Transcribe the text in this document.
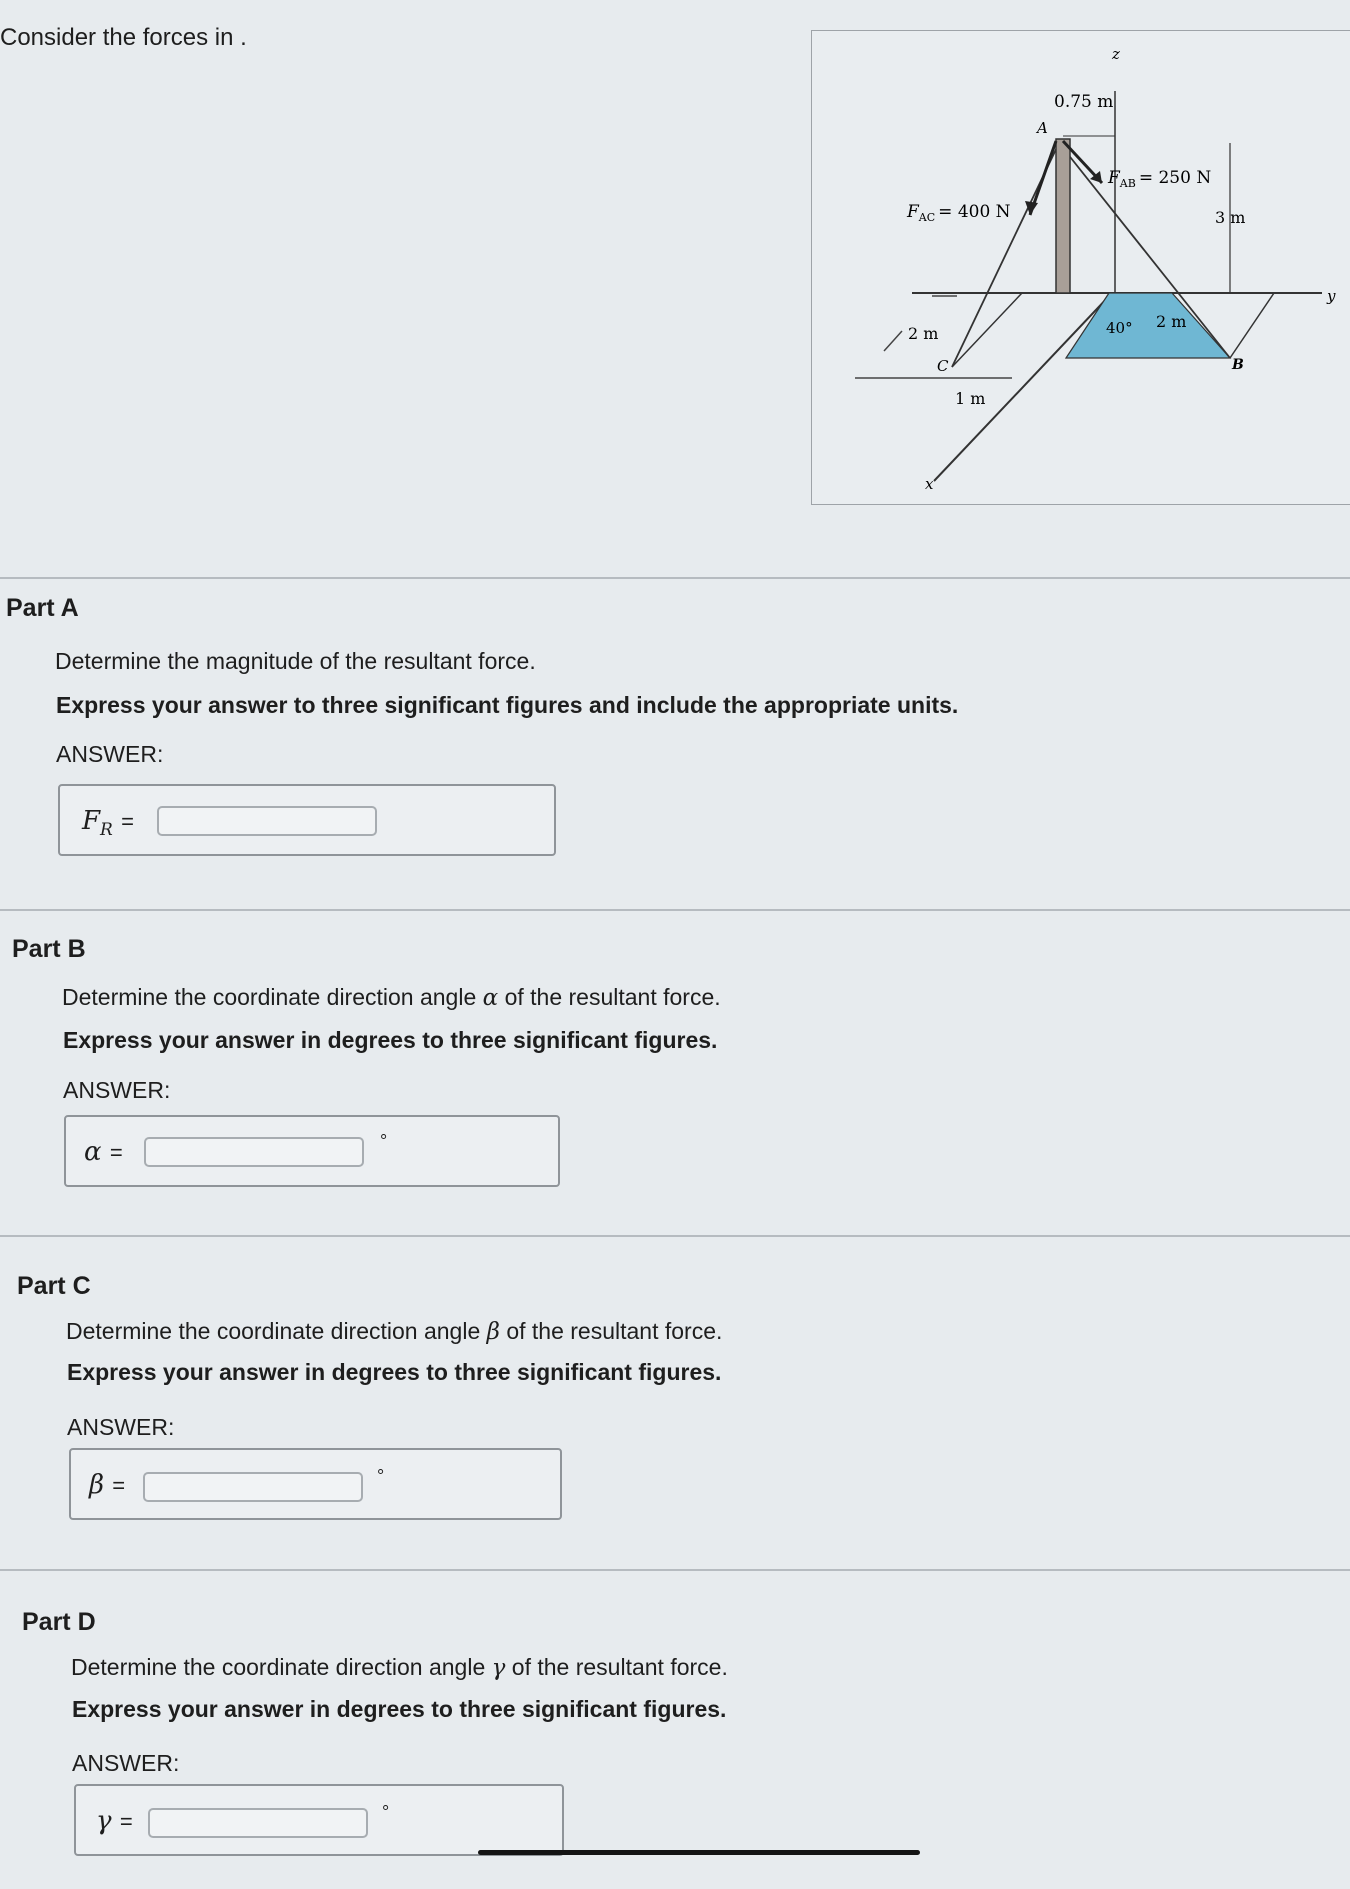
Consider the forces in .
z
0.75 m
A
$F_{AB} = 250$ N
$F_{AC} = 400$ N	3 m
y
40° 2 m
B
2 m
C
1 m
x
Part A
Determine the magnitude of the resultant force.
Express your answer to three significant figures and include the appropriate units.
ANSWER:
$F_R$ =
Part B
Determine the coordinate direction angle α of the resultant force.
Express your answer in degrees to three significant figures.
ANSWER:
α =	°
Part C
Determine the coordinate direction angle β of the resultant force.
Express your answer in degrees to three significant figures.
ANSWER:
β =	°
Part D
Determine the coordinate direction angle γ of the resultant force.
Express your answer in degrees to three significant figures.
ANSWER:
γ =	°
